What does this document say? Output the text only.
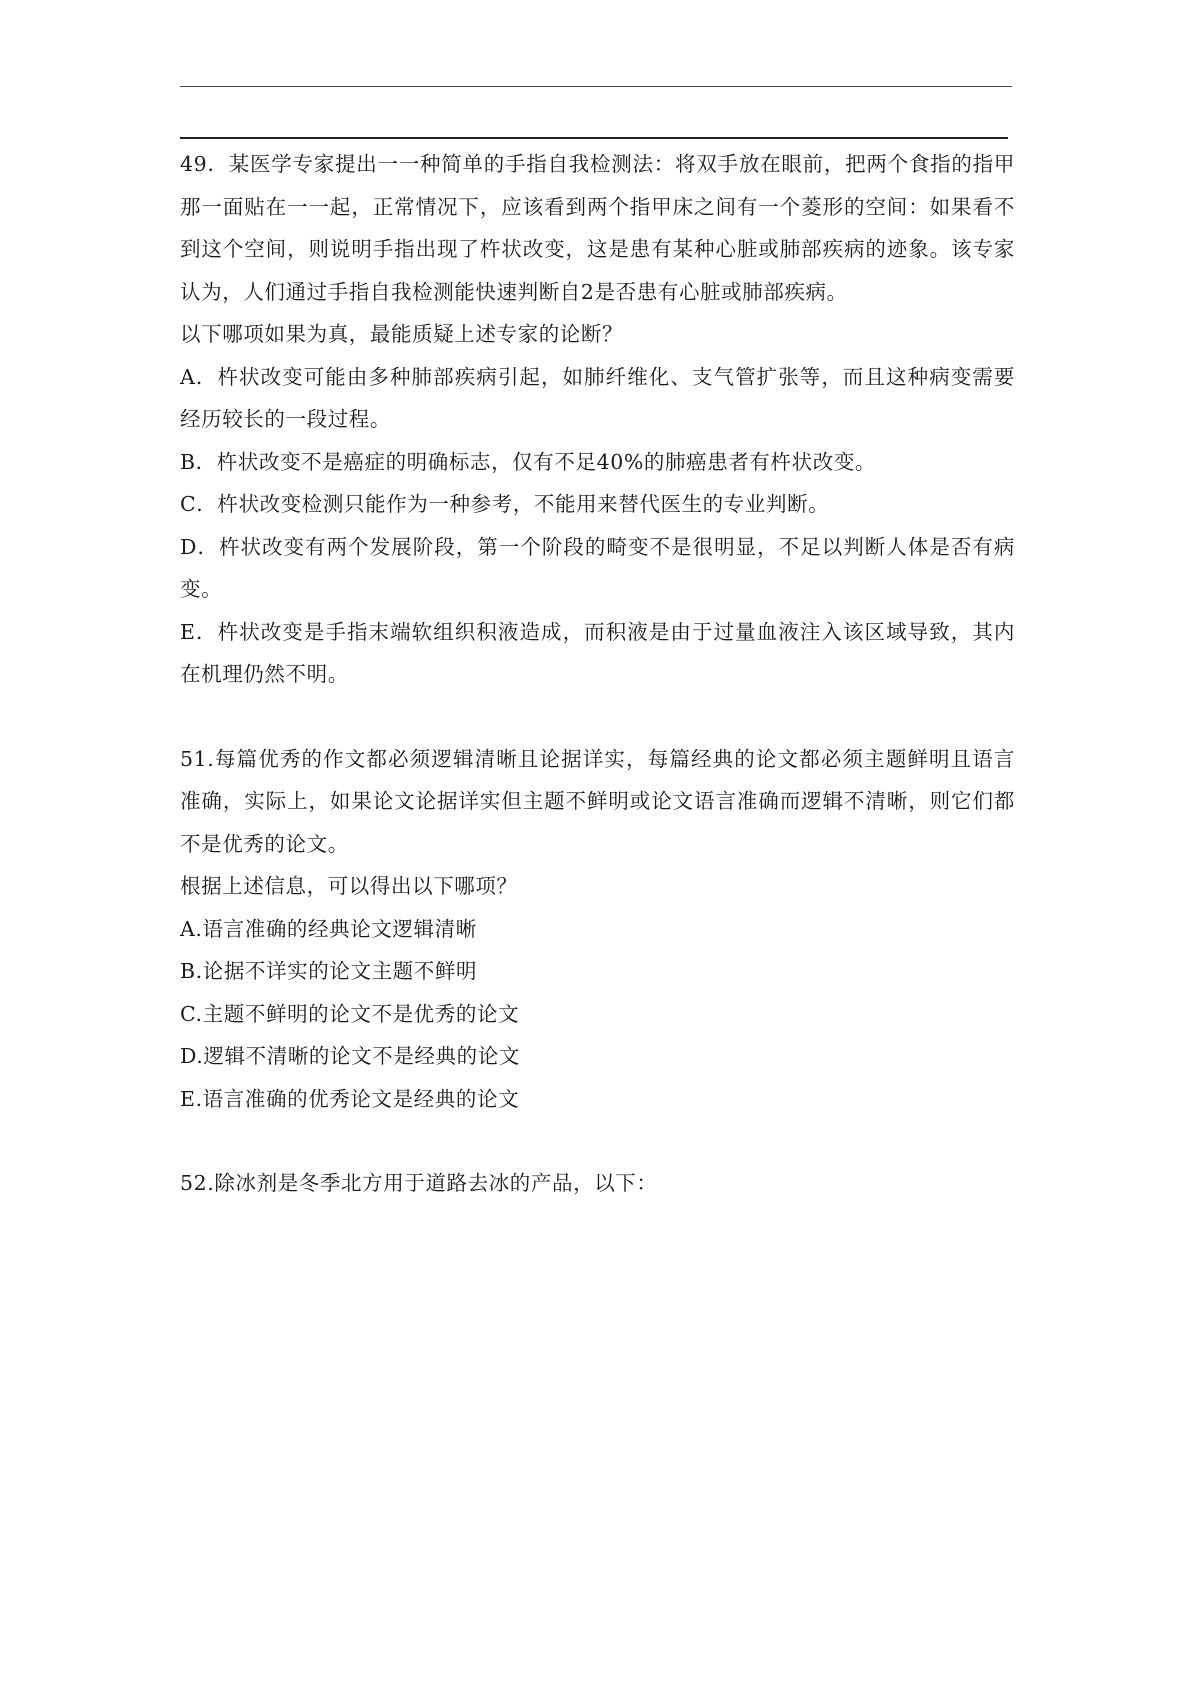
49．某医学专家提出一一种简单的手指自我检测法：将双手放在眼前，把两个食指的指甲那一面贴在一一起，正常情况下，应该看到两个指甲床之间有一个菱形的空间：如果看不到这个空间，则说明手指出现了杵状改变，这是患有某种心脏或肺部疾病的迹象。该专家认为，人们通过手指自我检测能快速判断自2是否患有心脏或肺部疾病。

以下哪项如果为真，最能质疑上述专家的论断？

A．杵状改变可能由多种肺部疾病引起，如肺纤维化、支气管扩张等，而且这种病变需要经历较长的一段过程。

B．杵状改变不是癌症的明确标志，仅有不足40%的肺癌患者有杵状改变。

C．杵状改变检测只能作为一种参考，不能用来替代医生的专业判断。

D．杵状改变有两个发展阶段，第一个阶段的畸变不是很明显，不足以判断人体是否有病变。

E．杵状改变是手指末端软组织积液造成，而积液是由于过量血液注入该区域导致，其内在机理仍然不明。

51.每篇优秀的作文都必须逻辑清晰且论据详实，每篇经典的论文都必须主题鲜明且语言准确，实际上，如果论文论据详实但主题不鲜明或论文语言准确而逻辑不清晰，则它们都不是优秀的论文。

根据上述信息，可以得出以下哪项？

A.语言准确的经典论文逻辑清晰

B.论据不详实的论文主题不鲜明

C.主题不鲜明的论文不是优秀的论文

D.逻辑不清晰的论文不是经典的论文

E.语言准确的优秀论文是经典的论文

52.除冰剂是冬季北方用于道路去冰的产品，以下：
